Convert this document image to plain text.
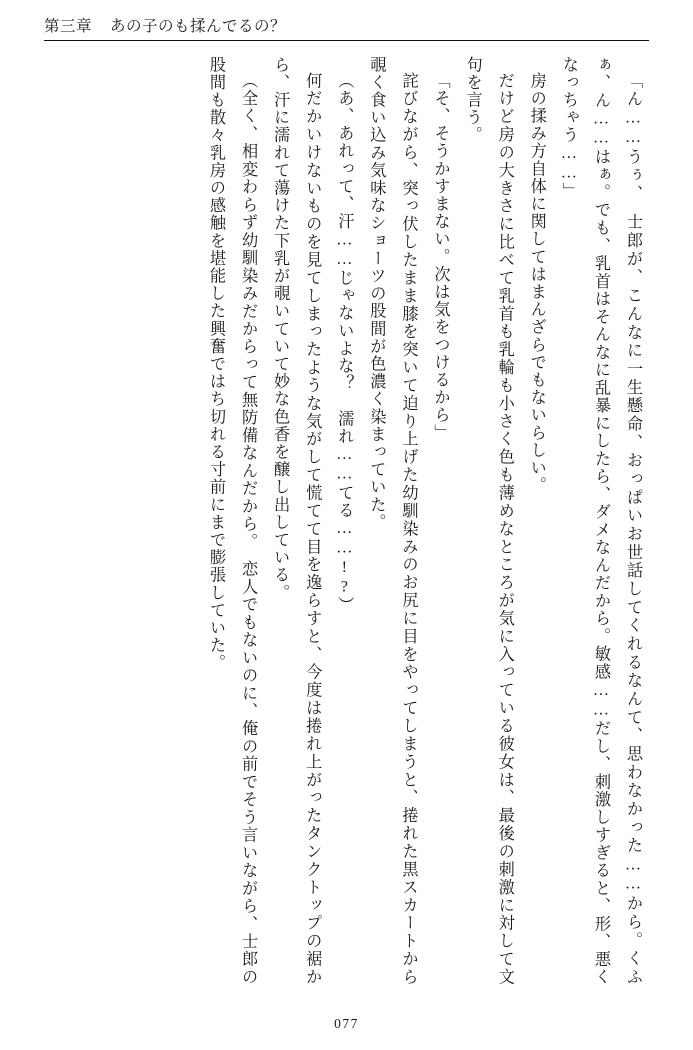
第三章 あの子のも揉んでるの？

「ん……うぅ、　士郎が、こんなに一生懸命、おっぱいお世話してくれるなんて、思わなかった……から。くふぁ、ん……はぁ。でも、乳首はそんなに乱暴にしたら、ダメなんだから。敏感……だし、刺激しすぎると、形、悪くなっちゃう……」

房の揉み方自体に関してはまんざらでもないらしい。

だけど房の大きさに比べて乳首も乳輪も小さく色も薄めなところが気に入っている彼女は、最後の刺激に対して文句を言う。

「そ、そうかすまない。次は気をつけるから」

詫びながら、突っ伏したまま膝を突いて迫り上げた幼馴染みのお尻に目をやってしまうと、捲れた黒スカートから覗く食い込み気味なショーツの股間が色濃く染まっていた。

（あ、あれって、汗……じゃないよな？　濡れ……てる……!?）

何だかいけないものを見てしまったような気がして慌てて目を逸らすと、今度は捲れ上がったタンクトップの裾から、汗に濡れて蕩けた下乳が覗いていて妙な色香を醸し出している。

（全く、相変わらず幼馴染みだからって無防備なんだから。　恋人でもないのに、俺の前でそう言いながら、士郎の股間も散々乳房の感触を堪能した興奮ではち切れる寸前にまで膨張していた。

077
